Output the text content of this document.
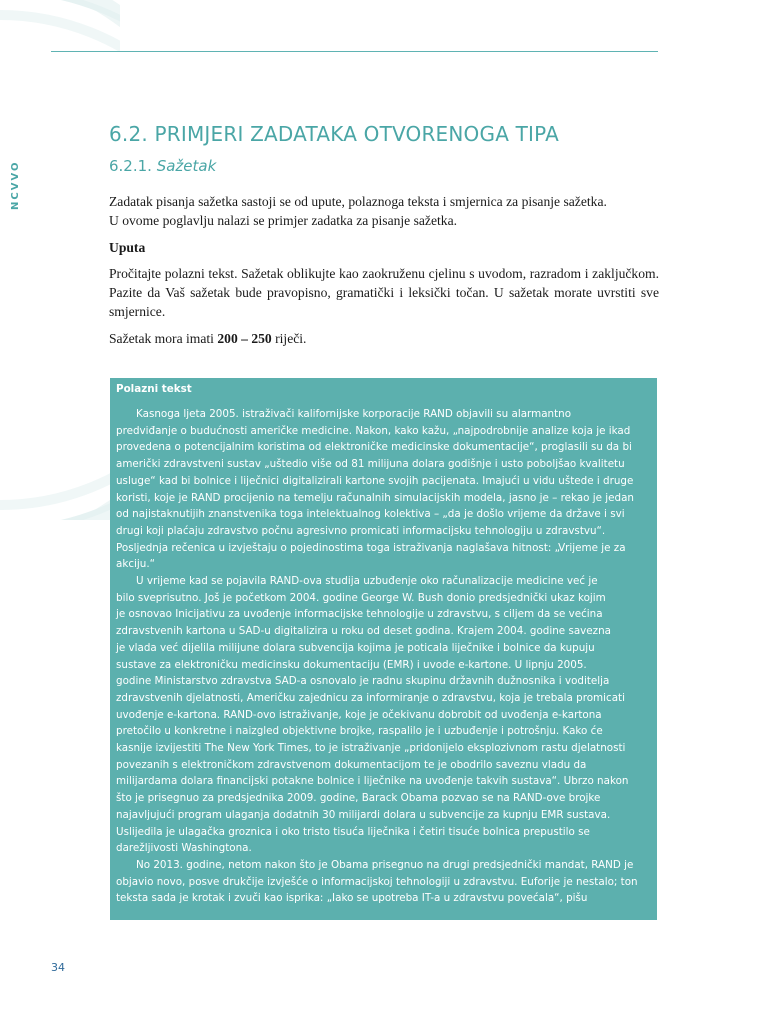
NCVVO
6.2. PRIMJERI ZADATAKA OTVORENOGA TIPA
6.2.1. Sažetak

Zadatak pisanja sažetka sastoji se od upute, polaznoga teksta i smjernica za pisanje sažetka.
U ovome poglavlju nalazi se primjer zadatka za pisanje sažetka.

Uputa

Pročitajte polazni tekst. Sažetak oblikujte kao zaokruženu cjelinu s uvodom, razradom i zaključkom. Pazite da Vaš sažetak bude pravopisno, gramatički i leksički točan. U sažetak morate uvrstiti sve smjernice.

Sažetak mora imati 200 – 250 riječi.

Polazni tekst

Kasnoga ljeta 2005. istraživači kalifornijske korporacije RAND objavili su alarmantno

predviđanje o budućnosti američke medicine. Nakon, kako kažu, „najpodrobnije analize koja je ikad

provedena o potencijalnim koristima od elektroničke medicinske dokumentacije“, proglasili su da bi

američki zdravstveni sustav „uštedio više od 81 milijuna dolara godišnje i usto poboljšao kvalitetu

usluge“ kad bi bolnice i liječnici digitalizirali kartone svojih pacijenata. Imajući u vidu uštede i druge

koristi, koje je RAND procijenio na temelju računalnih simulacijskih modela, jasno je – rekao je jedan

od najistaknutijih znanstvenika toga intelektualnog kolektiva – „da je došlo vrijeme da države i svi

drugi koji plaćaju zdravstvo počnu agresivno promicati informacijsku tehnologiju u zdravstvu“.

Posljednja rečenica u izvještaju o pojedinostima toga istraživanja naglašava hitnost: „Vrijeme je za

akciju.“

U vrijeme kad se pojavila RAND-ova studija uzbuđenje oko računalizacije medicine već je

bilo sveprisutno. Još je početkom 2004. godine George W. Bush donio predsjednički ukaz kojim

je osnovao Inicijativu za uvođenje informacijske tehnologije u zdravstvu, s ciljem da se većina

zdravstvenih kartona u SAD-u digitalizira u roku od deset godina. Krajem 2004. godine savezna

je vlada već dijelila milijune dolara subvencija kojima je poticala liječnike i bolnice da kupuju

sustave za elektroničku medicinsku dokumentaciju (EMR) i uvode e-kartone. U lipnju 2005.

godine Ministarstvo zdravstva SAD-a osnovalo je radnu skupinu državnih dužnosnika i voditelja

zdravstvenih djelatnosti, Američku zajednicu za informiranje o zdravstvu, koja je trebala promicati

uvođenje e-kartona. RAND-ovo istraživanje, koje je očekivanu dobrobit od uvođenja e-kartona

pretočilo u konkretne i naizgled objektivne brojke, raspalilo je i uzbuđenje i potrošnju. Kako će

kasnije izvijestiti The New York Times, to je istraživanje „pridonijelo eksplozivnom rastu djelatnosti

povezanih s elektroničkom zdravstvenom dokumentacijom te je obodrilo saveznu vladu da

milijardama dolara financijski potakne bolnice i liječnike na uvođenje takvih sustava“. Ubrzo nakon

što je prisegnuo za predsjednika 2009. godine, Barack Obama pozvao se na RAND-ove brojke

najavljujući program ulaganja dodatnih 30 milijardi dolara u subvencije za kupnju EMR sustava.

Uslijedila je ulagačka groznica i oko tristo tisuća liječnika i četiri tisuće bolnica prepustilo se

darežljivosti Washingtona.

No 2013. godine, netom nakon što je Obama prisegnuo na drugi predsjednički mandat, RAND je

objavio novo, posve drukčije izvješće o informacijskoj tehnologiji u zdravstvu. Euforije je nestalo; ton

teksta sada je krotak i zvuči kao isprika: „Iako se upotreba IT-a u zdravstvu povećala“, pišu

34
